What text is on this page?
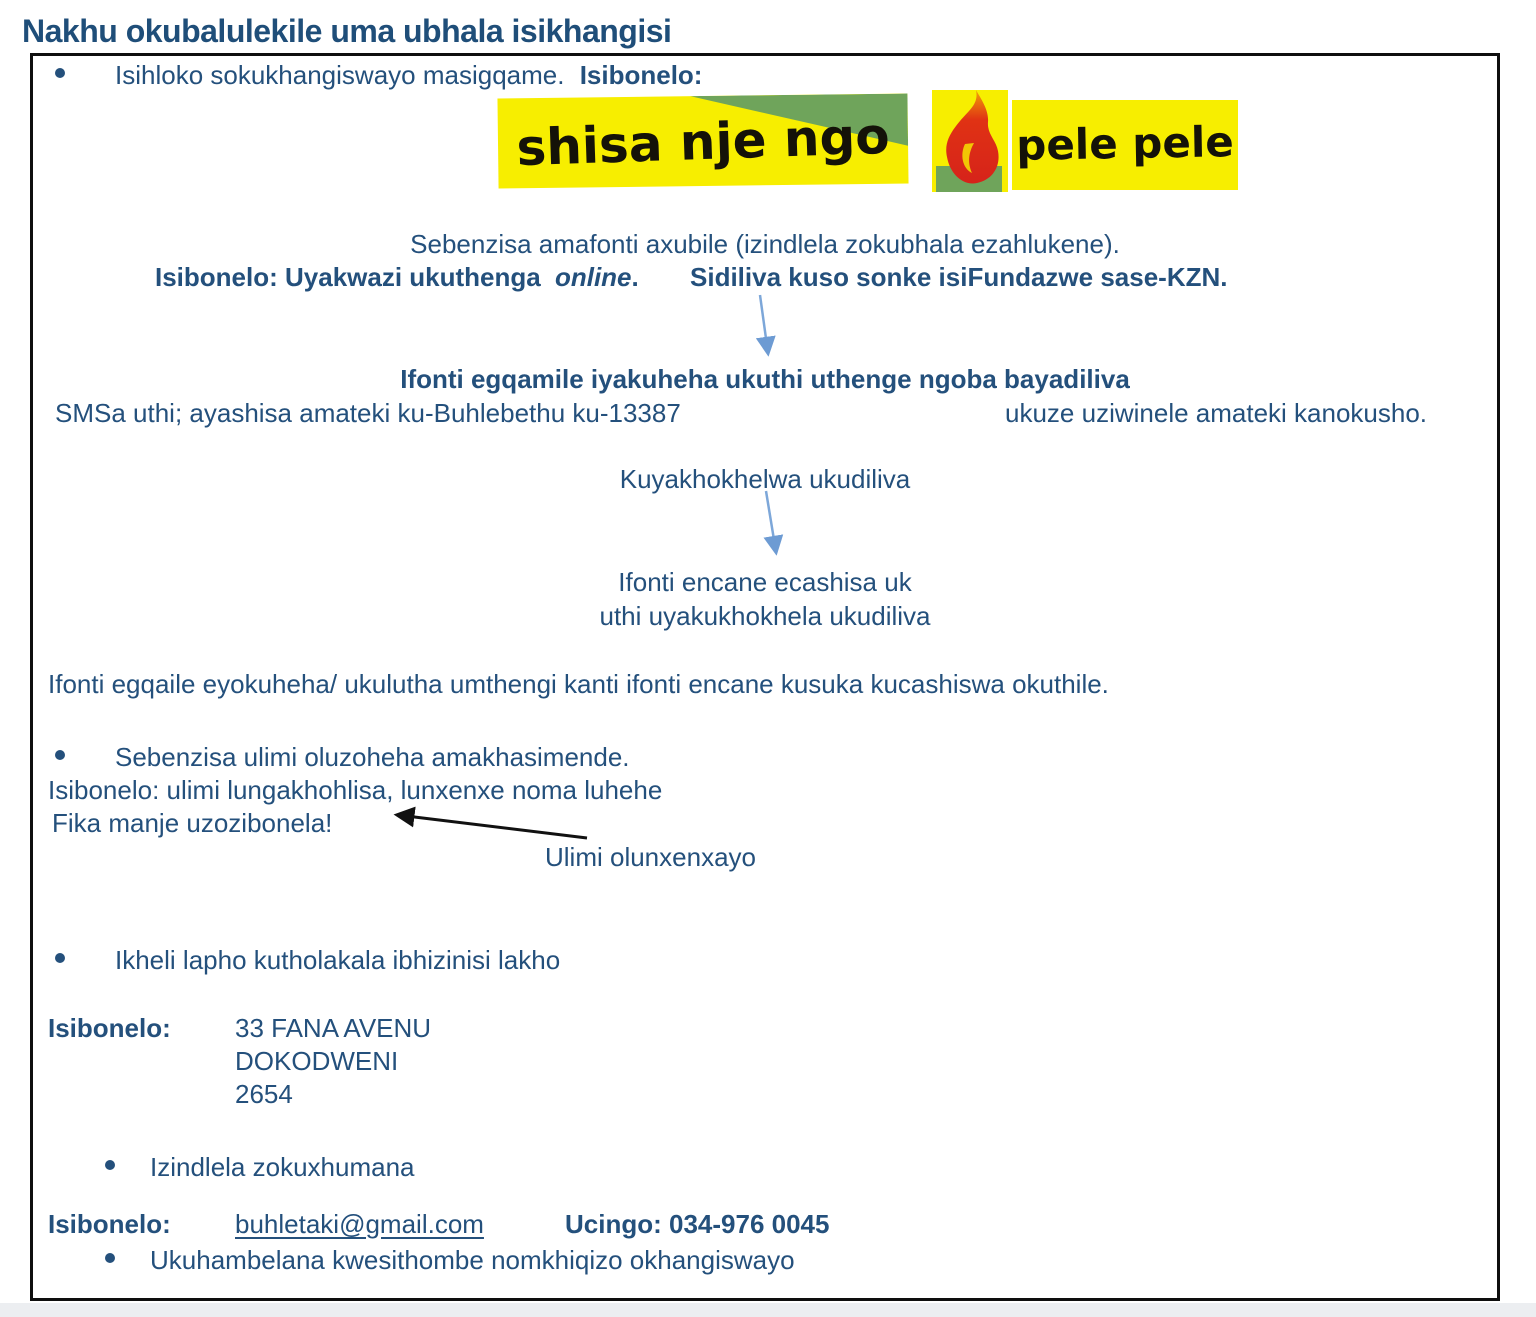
Nakhu okubalulekile uma ubhala isikhangisi
Isihloko sokukhangiswayo masigqame. Isibonelo:
shisa nje ngo	pele pele
Sebenzisa amafonti axubile (izindlela zokubhala ezahlukene).
Isibonelo: Uyakwazi ukuthenga online. Sidiliva kuso sonke isiFundazwe sase-KZN.
Ifonti egqamile iyakuheha ukuthi uthenge ngoba bayadiliva
SMSa uthi; ayashisa amateki ku-Buhlebethu ku-13387	ukuze uziwinele amateki kanokusho.
Kuyakhokhelwa ukudiliva
Ifonti encane ecashisa uk
uthi uyakukhokhela ukudiliva
Ifonti egqaile eyokuheha/ ukulutha umthengi kanti ifonti encane kusuka kucashiswa okuthile.
Sebenzisa ulimi oluzoheha amakhasimende.
Isibonelo: ulimi lungakhohlisa, lunxenxe noma luhehe
Fika manje uzozibonela!
Ulimi olunxenxayo
Ikheli lapho kutholakala ibhizinisi lakho
Isibonelo: 33 FANA AVENU
DOKODWENI
2654
Izindlela zokuxhumana
Isibonelo: buhletaki@gmail.com	Ucingo: 034-976 0045
Ukuhambelana kwesithombe nomkhiqizo okhangiswayo
